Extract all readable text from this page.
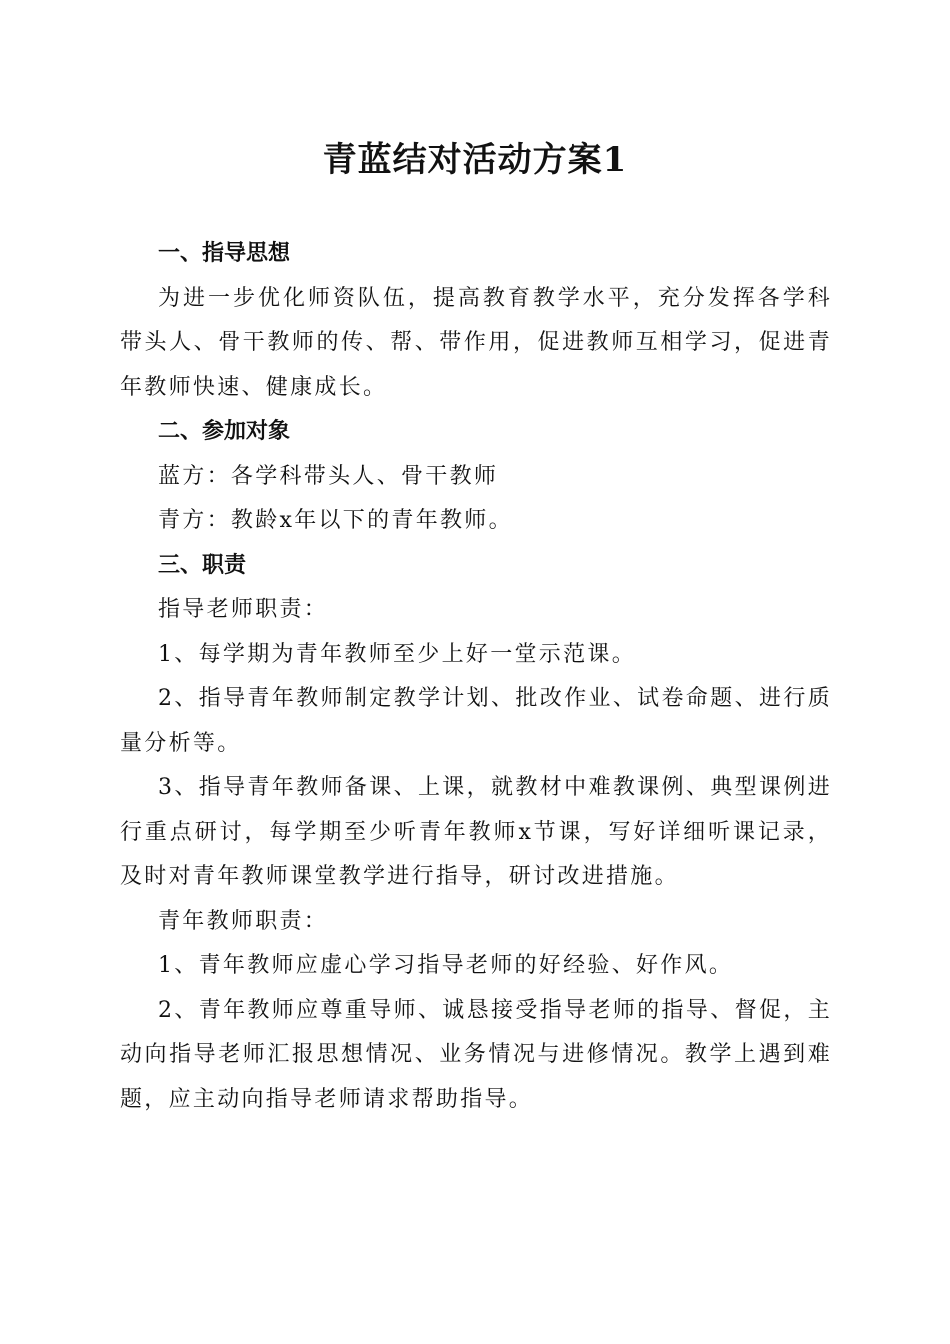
青蓝结对活动方案1
一、指导思想
为进一步优化师资队伍，提高教育教学水平，充分发挥各学科带头人、骨干教师的传、帮、带作用，促进教师互相学习，促进青年教师快速、健康成长。
二、参加对象
蓝方：各学科带头人、骨干教师
青方：教龄x年以下的青年教师。
三、职责
指导老师职责：
1、每学期为青年教师至少上好一堂示范课。
2、指导青年教师制定教学计划、批改作业、试卷命题、进行质量分析等。
3、指导青年教师备课、上课，就教材中难教课例、典型课例进行重点研讨，每学期至少听青年教师x节课，写好详细听课记录，及时对青年教师课堂教学进行指导，研讨改进措施。
青年教师职责：
1、青年教师应虚心学习指导老师的好经验、好作风。
2、青年教师应尊重导师、诚恳接受指导老师的指导、督促，主动向指导老师汇报思想情况、业务情况与进修情况。教学上遇到难题，应主动向指导老师请求帮助指导。
